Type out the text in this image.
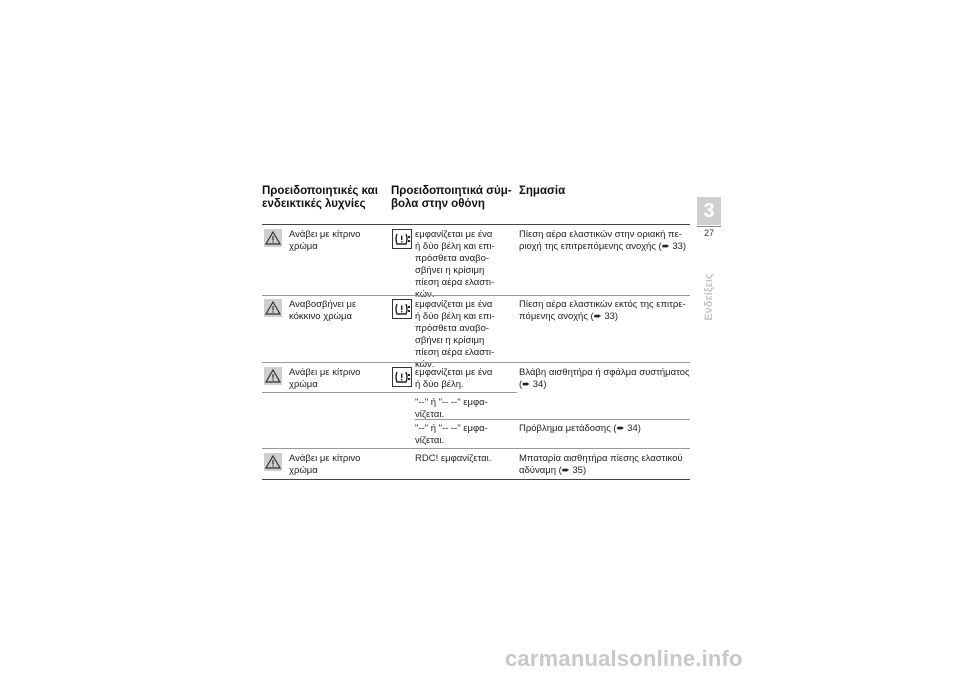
Προειδοποιητικές και
ενδεικτικές λυχνίες
Προειδοποιητικά σύμ-
βολα στην οθόνη
Σημασία
Ανάβει με κίτρινο
χρώμα
εμφανίζεται με ένα
ή δύο βέλη και επι-
πρόσθετα αναβο-
σβήνει η κρίσιμη
πίεση αέρα ελαστι-
κών.
Πίεση αέρα ελαστικών στην οριακή πε-
ριοχή της επιτρεπόμενης ανοχής (➨ 33)
Αναβοσβήνει με
κόκκινο χρώμα
εμφανίζεται με ένα
ή δύο βέλη και επι-
πρόσθετα αναβο-
σβήνει η κρίσιμη
πίεση αέρα ελαστι-
κών.
Πίεση αέρα ελαστικών εκτός της επιτρε-
πόμενης ανοχής (➨ 33)
Ανάβει με κίτρινο
χρώμα
εμφανίζεται με ένα
ή δύο βέλη.
"--" ή "-- --" εμφα-
νίζεται.
Βλάβη αισθητήρα ή σφάλμα συστήματος
(➨ 34)
"--" ή "-- --" εμφα-
νίζεται.
Πρόβλημα μετάδοσης (➨ 34)
Ανάβει με κίτρινο
χρώμα
RDC! εμφανίζεται.	Μπαταρία αισθητήρα πίεσης ελαστικού
αδύναμη (➨ 35)
3
27
Ενδείξεις
carmanualsonline.info
